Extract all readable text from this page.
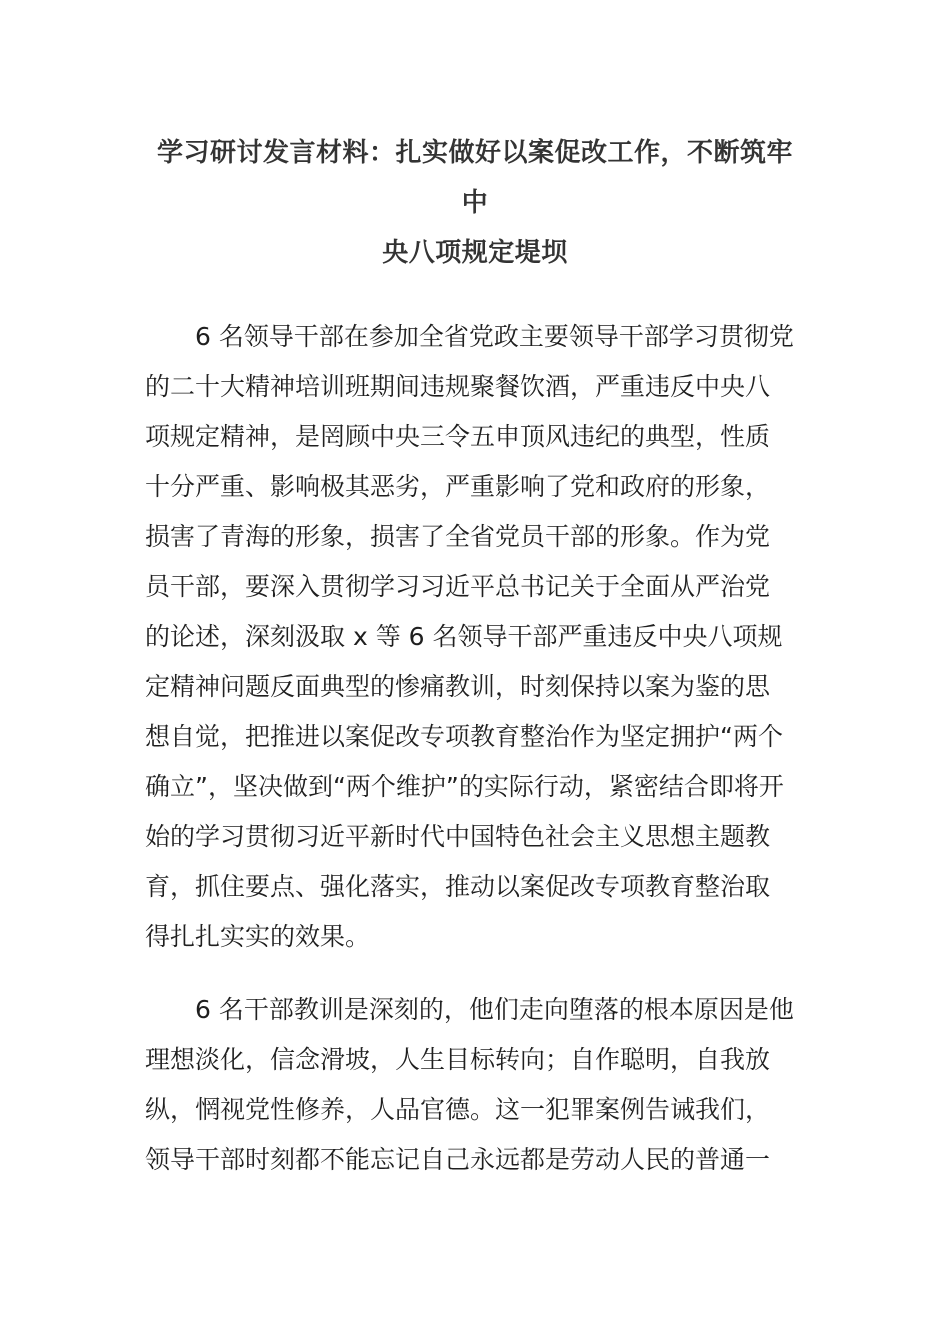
学习研讨发言材料：扎实做好以案促改工作，不断筑牢中
央八项规定堤坝

6 名领导干部在参加全省党政主要领导干部学习贯彻党
的二十大精神培训班期间违规聚餐饮酒，严重违反中央八
项规定精神，是罔顾中央三令五申顶风违纪的典型，性质
十分严重、影响极其恶劣，严重影响了党和政府的形象，
损害了青海的形象，损害了全省党员干部的形象。作为党
员干部，要深入贯彻学习习近平总书记关于全面从严治党
的论述，深刻汲取 x 等 6 名领导干部严重违反中央八项规
定精神问题反面典型的惨痛教训，时刻保持以案为鉴的思
想自觉，把推进以案促改专项教育整治作为坚定拥护“两个
确立”，坚决做到“两个维护”的实际行动，紧密结合即将开
始的学习贯彻习近平新时代中国特色社会主义思想主题教
育，抓住要点、强化落实，推动以案促改专项教育整治取
得扎扎实实的效果。

6 名干部教训是深刻的，他们走向堕落的根本原因是他
理想淡化，信念滑坡，人生目标转向；自作聪明，自我放
纵，惘视党性修养，人品官德。这一犯罪案例告诫我们，
领导干部时刻都不能忘记自己永远都是劳动人民的普通一
